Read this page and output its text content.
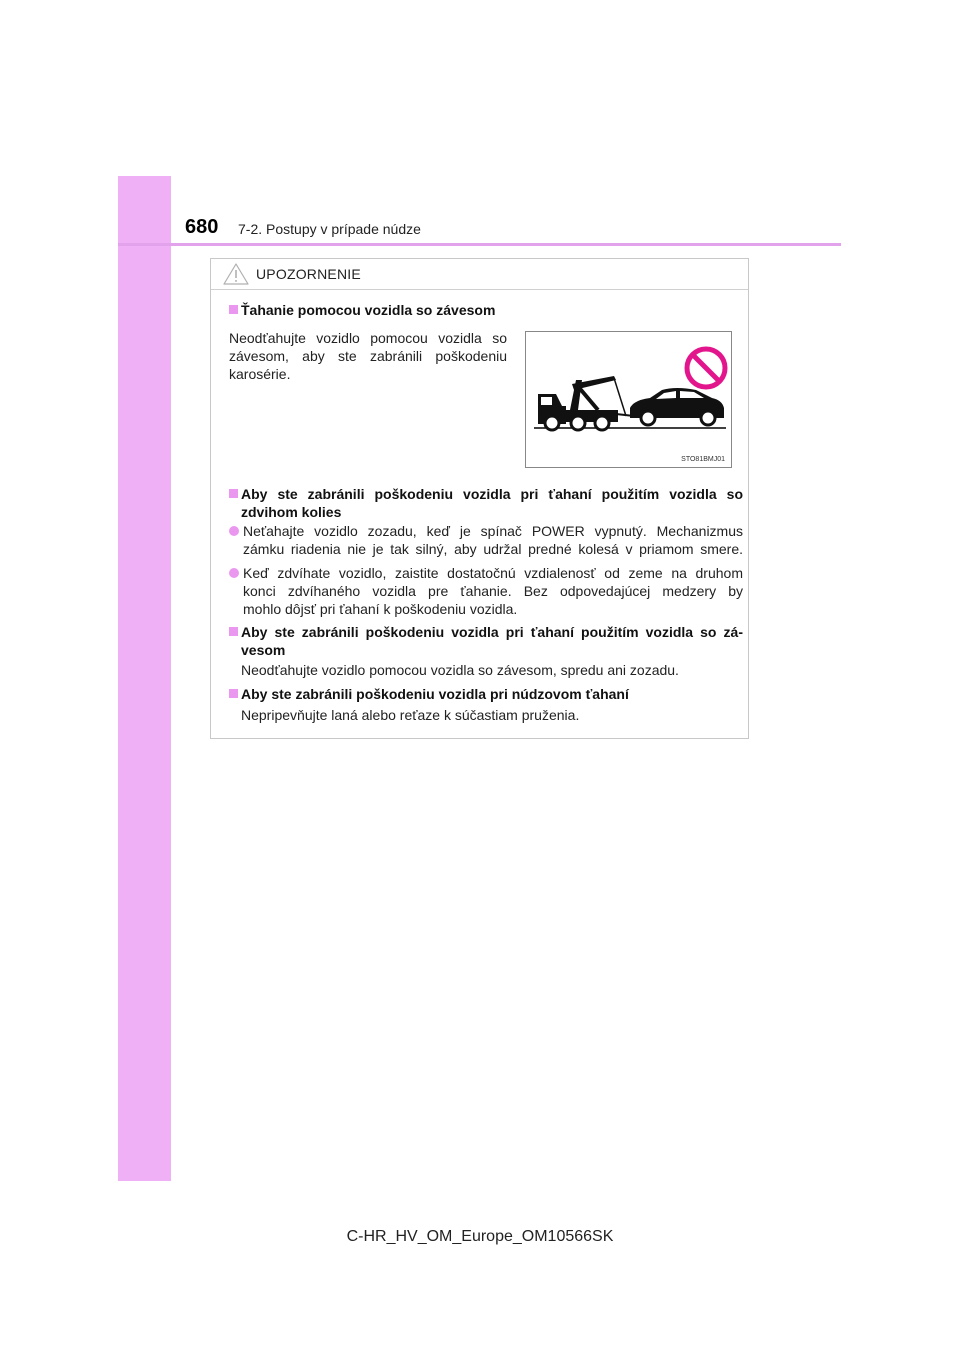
680 7-2. Postupy v prípade núdze
UPOZORNENIE
Ťahanie pomocou vozidla so závesom
Neodťahujte vozidlo pomocou vozidla so
závesom, aby ste zabránili poškodeniu
karosérie.
STO81BMJ01
Aby ste zabránili poškodeniu vozidla pri ťahaní použitím vozidla so
zdvihom kolies
Neťahajte vozidlo zozadu, keď je spínač POWER vypnutý. Mechanizmus
zámku riadenia nie je tak silný, aby udržal predné kolesá v priamom smere.
Keď zdvíhate vozidlo, zaistite dostatočnú vzdialenosť od zeme na druhom
konci zdvíhaného vozidla pre ťahanie. Bez odpovedajúcej medzery by
mohlo dôjsť pri ťahaní k poškodeniu vozidla.
Aby ste zabránili poškodeniu vozidla pri ťahaní použitím vozidla so zá-
vesom
Neodťahujte vozidlo pomocou vozidla so závesom, spredu ani zozadu.
Aby ste zabránili poškodeniu vozidla pri núdzovom ťahaní
Nepripevňujte laná alebo reťaze k súčastiam pruženia.
C-HR_HV_OM_Europe_OM10566SK
